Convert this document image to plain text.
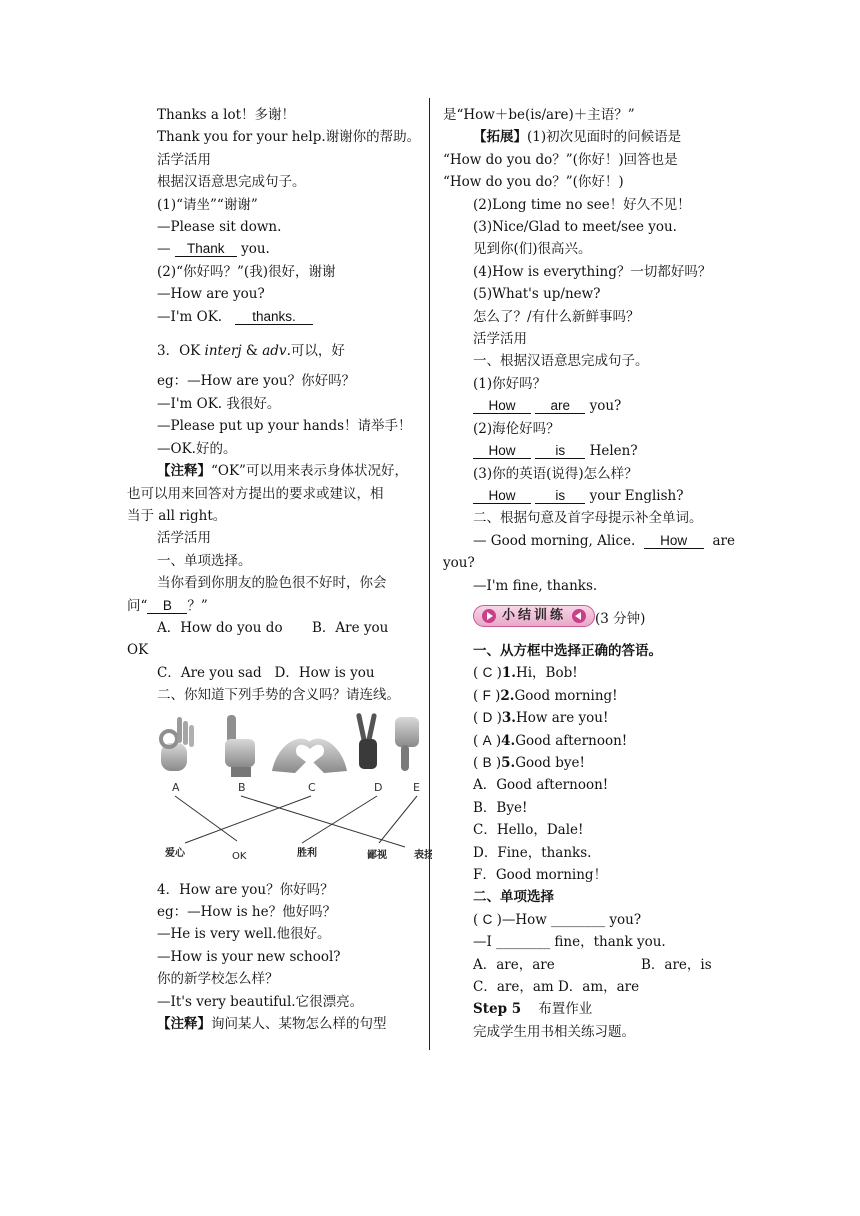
Thanks a lot！多谢！
Thank you for your help.谢谢你的帮助。
活学活用
根据汉语意思完成句子。
(1)“请坐”“谢谢”
—Please sit down.
— Thank you.
(2)“你好吗？”(我)很好，谢谢
—How are you?
—I'm OK. thanks.
3．OK interj & adv.可以，好
eg：—How are you？你好吗？
—I'm OK. 我很好。
—Please put up your hands！请举手！
—OK.好的。
【注释】“OK”可以用来表示身体状况好，
也可以用来回答对方提出的要求或建议，相
当于 all right。
活学活用
一、单项选择。
当你看到你朋友的脸色很不好时，你会
问“ B ？”
A．How do you do B．Are you
OK
C．Are you sad D．How is you
二、你知道下列手势的含义吗？请连线。
A	B	C	D	E
爱心	OK	胜利	鄙视	表扬
4．How are you？你好吗？
eg：—How is he？他好吗？
—He is very well.他很好。
—How is your new school?
你的新学校怎么样？
—It's very beautiful.它很漂亮。
【注释】询问某人、某物怎么样的句型
是“How＋be(is/are)＋主语？”
【拓展】(1)初次见面时的问候语是
“How do you do？”(你好！)回答也是
“How do you do？”(你好！)
(2)Long time no see！好久不见！
(3)Nice/Glad to meet/see you.
见到你(们)很高兴。
(4)How is everything？一切都好吗？
(5)What's up/new?
怎么了？/有什么新鲜事吗？
活学活用
一、根据汉语意思完成句子。
(1)你好吗？
How	are you?
(2)海伦好吗？
How	is Helen?
(3)你的英语(说得)怎么样？
How	is your English?
二、根据句意及首字母提示补全单词。
— Good morning, Alice. How are
you?
—I'm fine, thanks.
小结训练 (3 分钟)
一、从方框中选择正确的答语。
( C )1.Hi，Bob!
( F )2.Good morning!
( D )3.How are you!
( A )4.Good afternoon!
( B )5.Good bye!
A．Good afternoon!
B．Bye!
C．Hello，Dale!
D．Fine，thanks.
F．Good morning！
二、单项选择
( C )—How ________ you?
—I ________ fine，thank you.
A．are，are	B．are，is
C．are，am D．am，are
Step 5 布置作业
完成学生用书相关练习题。
